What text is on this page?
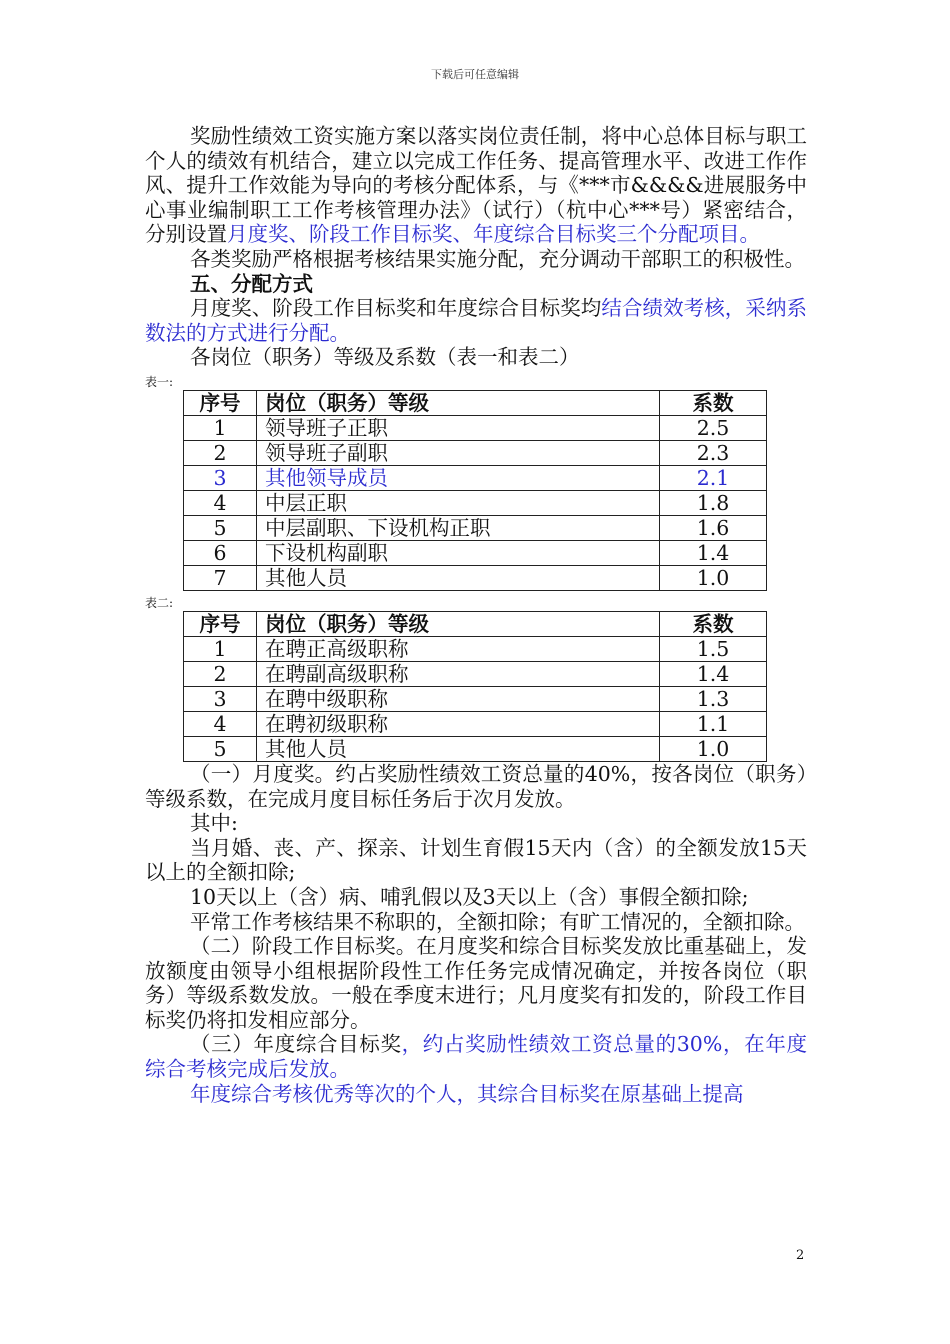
下载后可任意编辑

奖励性绩效工资实施方案以落实岗位责任制，将中心总体目标与职工个人的绩效有机结合，建立以完成工作任务、提高管理水平、改进工作作风、提升工作效能为导向的考核分配体系，与《***市&&&&进展服务中心事业编制职工工作考核管理办法》（试行）（杭中心***号）紧密结合，分别设置月度奖、阶段工作目标奖、年度综合目标奖三个分配项目。

各类奖励严格根据考核结果实施分配，充分调动干部职工的积极性。

五、分配方式

月度奖、阶段工作目标奖和年度综合目标奖均结合绩效考核，采纳系数法的方式进行分配。

各岗位（职务）等级及系数（表一和表二）

表一:

序号	岗位（职务）等级	系数
1	领导班子正职	2.5
2	领导班子副职	2.3
3	其他领导成员	2.1
4	中层正职	1.8
5	中层副职、下设机构正职	1.6
6	下设机构副职	1.4
7	其他人员	1.0

表二:

序号	岗位（职务）等级	系数
1	在聘正高级职称	1.5
2	在聘副高级职称	1.4
3	在聘中级职称	1.3
4	在聘初级职称	1.1
5	其他人员	1.0

（一）月度奖。约占奖励性绩效工资总量的40%，按各岗位（职务）等级系数，在完成月度目标任务后于次月发放。

其中:

当月婚、丧、产、探亲、计划生育假15天内（含）的全额发放15天以上的全额扣除;

10天以上（含）病、哺乳假以及3天以上（含）事假全额扣除;

平常工作考核结果不称职的，全额扣除；有旷工情况的，全额扣除。

（二）阶段工作目标奖。在月度奖和综合目标奖发放比重基础上，发放额度由领导小组根据阶段性工作任务完成情况确定，并按各岗位（职务）等级系数发放。一般在季度末进行；凡月度奖有扣发的，阶段工作目标奖仍将扣发相应部分。

（三）年度综合目标奖，约占奖励性绩效工资总量的30%，在年度综合考核完成后发放。

年度综合考核优秀等次的个人，其综合目标奖在原基础上提高

2
